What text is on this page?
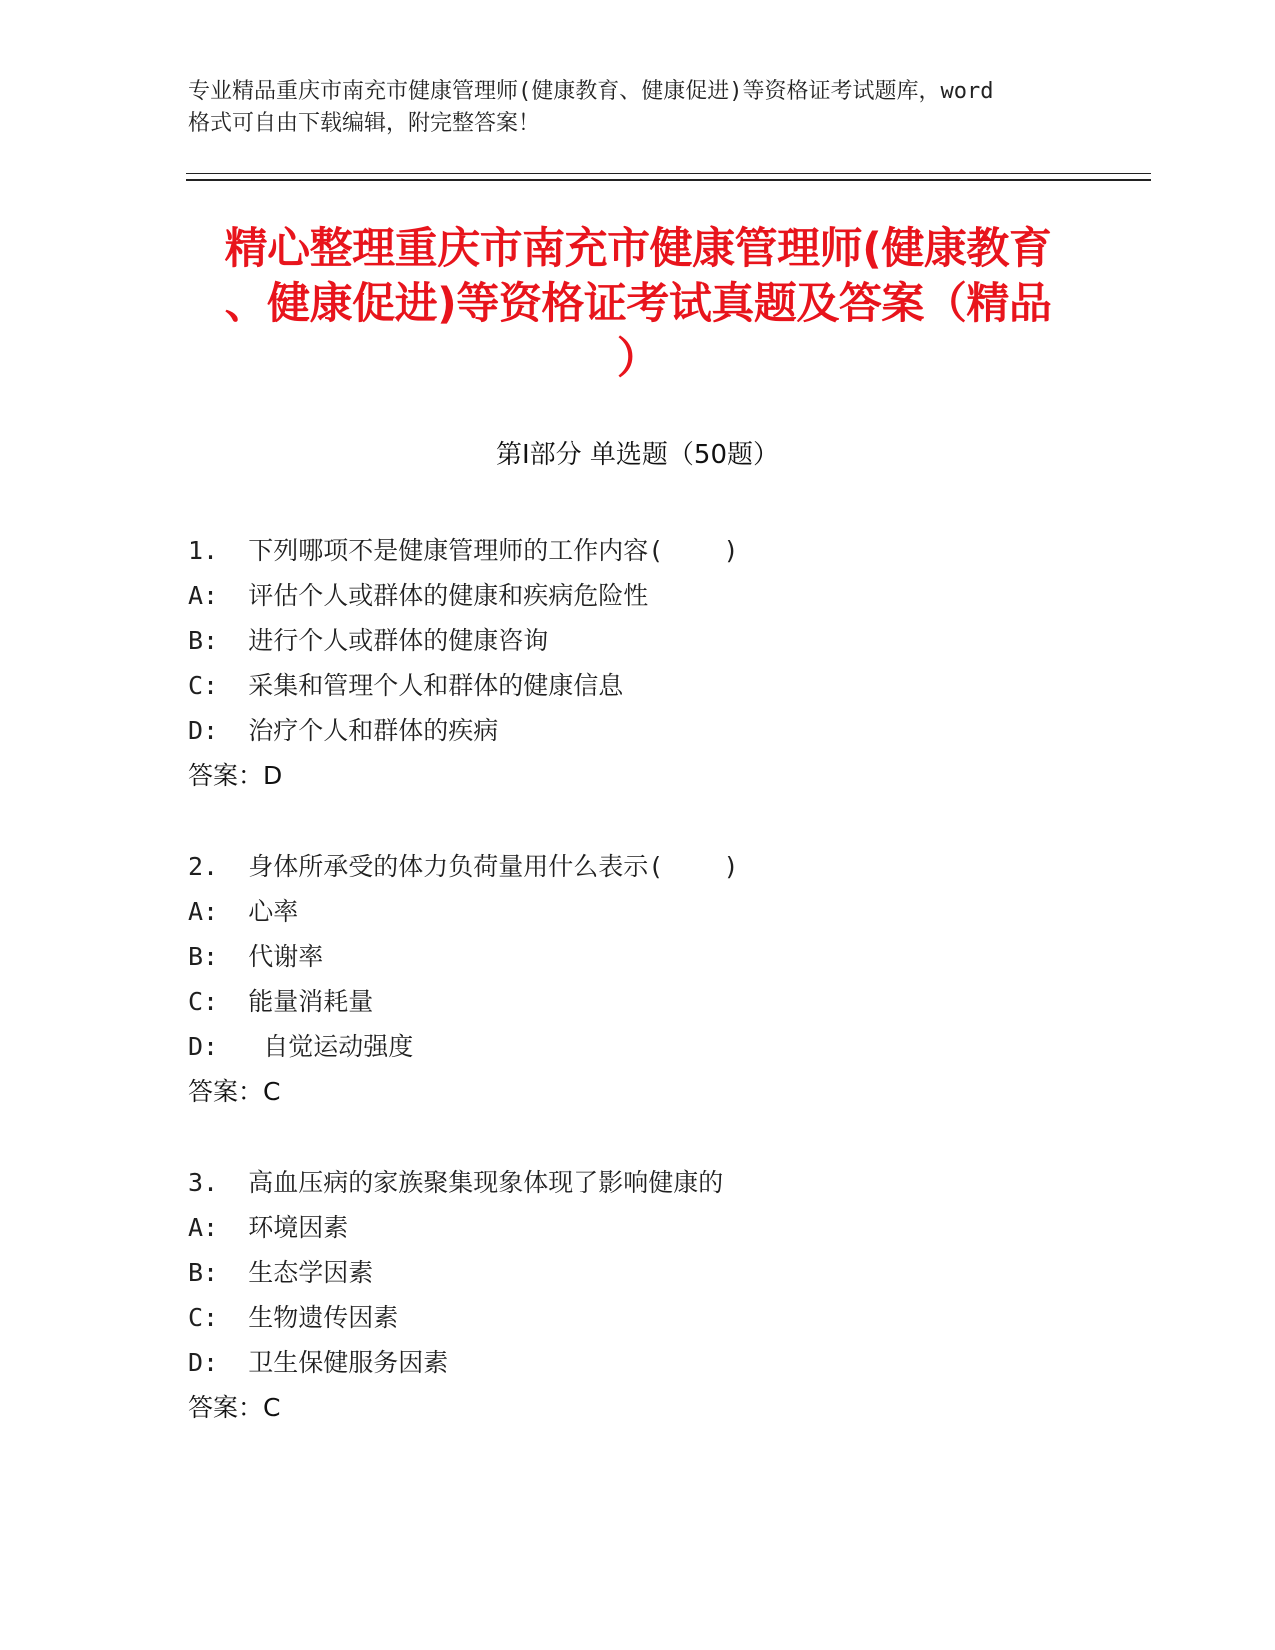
专业精品重庆市南充市健康管理师(健康教育、健康促进)等资格证考试题库，word
格式可自由下载编辑，附完整答案！
精心整理重庆市南充市健康管理师(健康教育
、健康促进)等资格证考试真题及答案（精品
）
第Ⅰ部分 单选题（50题）
1.  下列哪项不是健康管理师的工作内容(    )
A:  评估个人或群体的健康和疾病危险性
B:  进行个人或群体的健康咨询
C:  采集和管理个人和群体的健康信息
D:  治疗个人和群体的疾病
答案：D
2.  身体所承受的体力负荷量用什么表示(    )
A:  心率
B:  代谢率
C:  能量消耗量
D:   自觉运动强度
答案：C
3.  高血压病的家族聚集现象体现了影响健康的
A:  环境因素
B:  生态学因素
C:  生物遗传因素
D:  卫生保健服务因素
答案：C
